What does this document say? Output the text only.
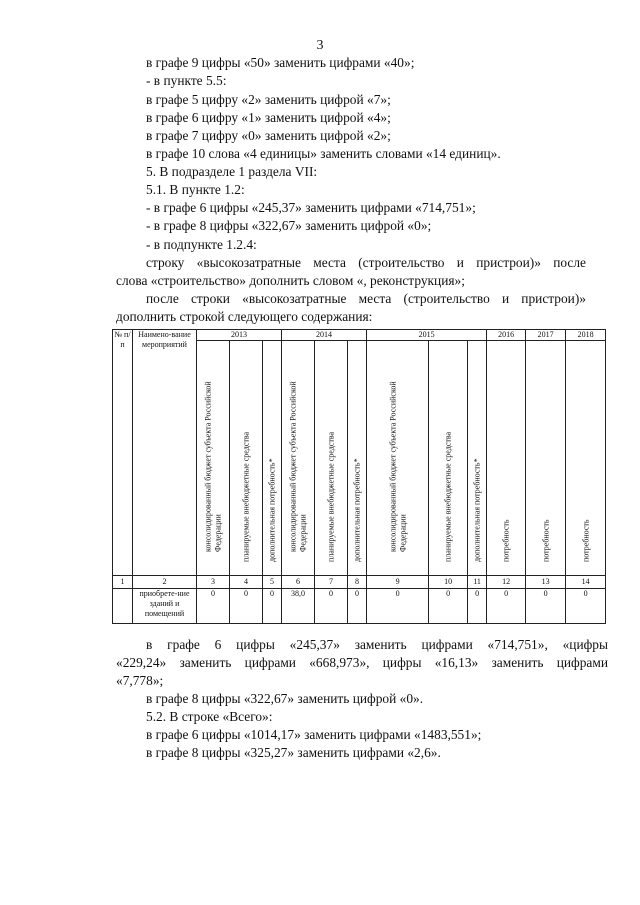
3
в графе 9 цифры «50» заменить цифрами «40»;
- в пункте 5.5:
в графе 5 цифру «2» заменить цифрой «7»;
в графе 6 цифру «1» заменить цифрой «4»;
в графе 7 цифру «0» заменить цифрой «2»;
в графе 10 слова «4 единицы» заменить словами «14 единиц».
5. В подразделе 1 раздела VII:
5.1. В пункте 1.2:
- в графе 6 цифры «245,37» заменить цифрами «714,751»;
- в графе 8 цифры «322,67» заменить цифрой «0»;
- в подпункте 1.2.4:
строку «высокозатратные места (строительство и пристрои)» после
слова «строительство» дополнить словом «, реконструкция»;
после строки «высокозатратные места (строительство и пристрои)»
дополнить строкой следующего содержания:
№ п/п	Наимено-вание мероприятий	2013			2014			2015			2016	2017	2018

		консолидированный бюджет субъекта Российской Федерации	планируемые внебюджетные средства	дополнительная потребность*	консолидированный бюджет субъекта Российской Федерации	планируемые внебюджетные средства	дополнительная потребность*	консолидированный бюджет субъекта Российской Федерации	планируемые внебюджетные средства	дополнительная потребность*	потребность	потребность	потребность

1	2	3	4	5	6	7	8	9	10	11	12	13	14
	приобрете-ние зданий и помещений	0	0	0	38,0	0	0	0	0	0	0	0	0
в графе 6 цифры «245,37» заменить цифрами «714,751», «цифры
«229,24» заменить цифрами «668,973», цифры «16,13» заменить цифрами
«7,778»;
в графе 8 цифры «322,67» заменить цифрой «0».
5.2. В строке «Всего»:
в графе 6 цифры «1014,17» заменить цифрами «1483,551»;
в графе 8 цифры «325,27» заменить цифрами «2,6».
